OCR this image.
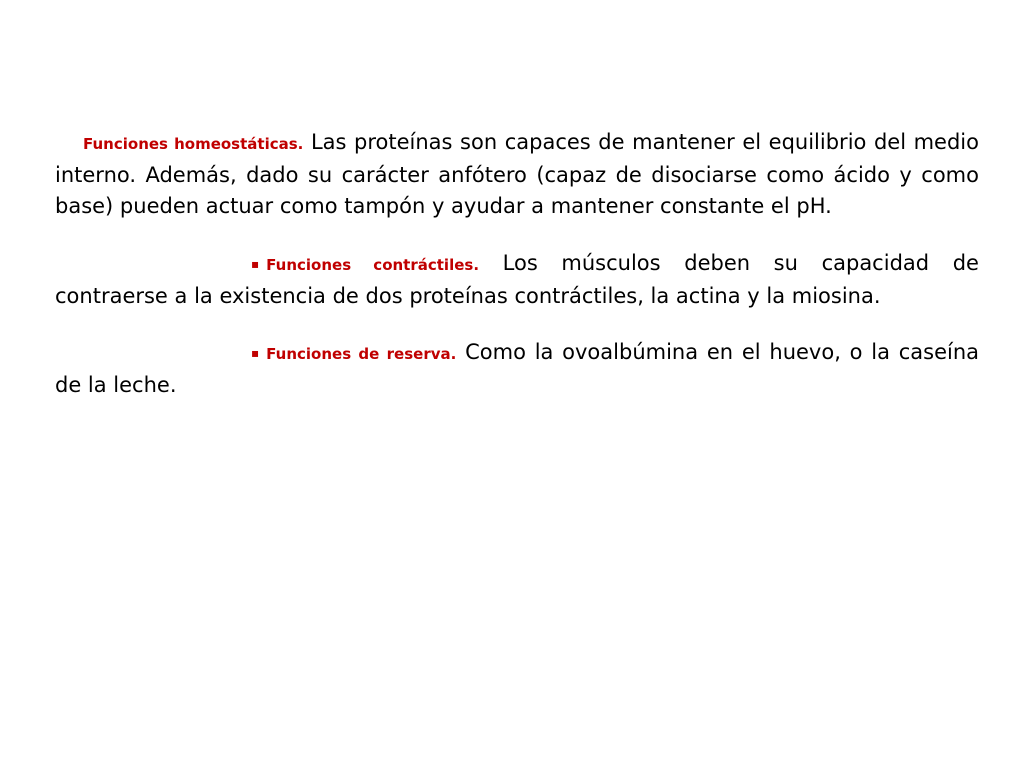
Funciones homeostáticas. Las proteínas son capaces de mantener el equilibrio del medio interno. Además, dado su carácter anfótero (capaz de disociarse como ácido y como base) pueden actuar como tampón y ayudar a mantener constante el pH.

▪ Funciones contráctiles. Los músculos deben su capacidad de contraerse a la existencia de dos proteínas contráctiles, la actina y la miosina.

▪ Funciones de reserva. Como la ovoalbúmina en el huevo, o la caseína de la leche.
